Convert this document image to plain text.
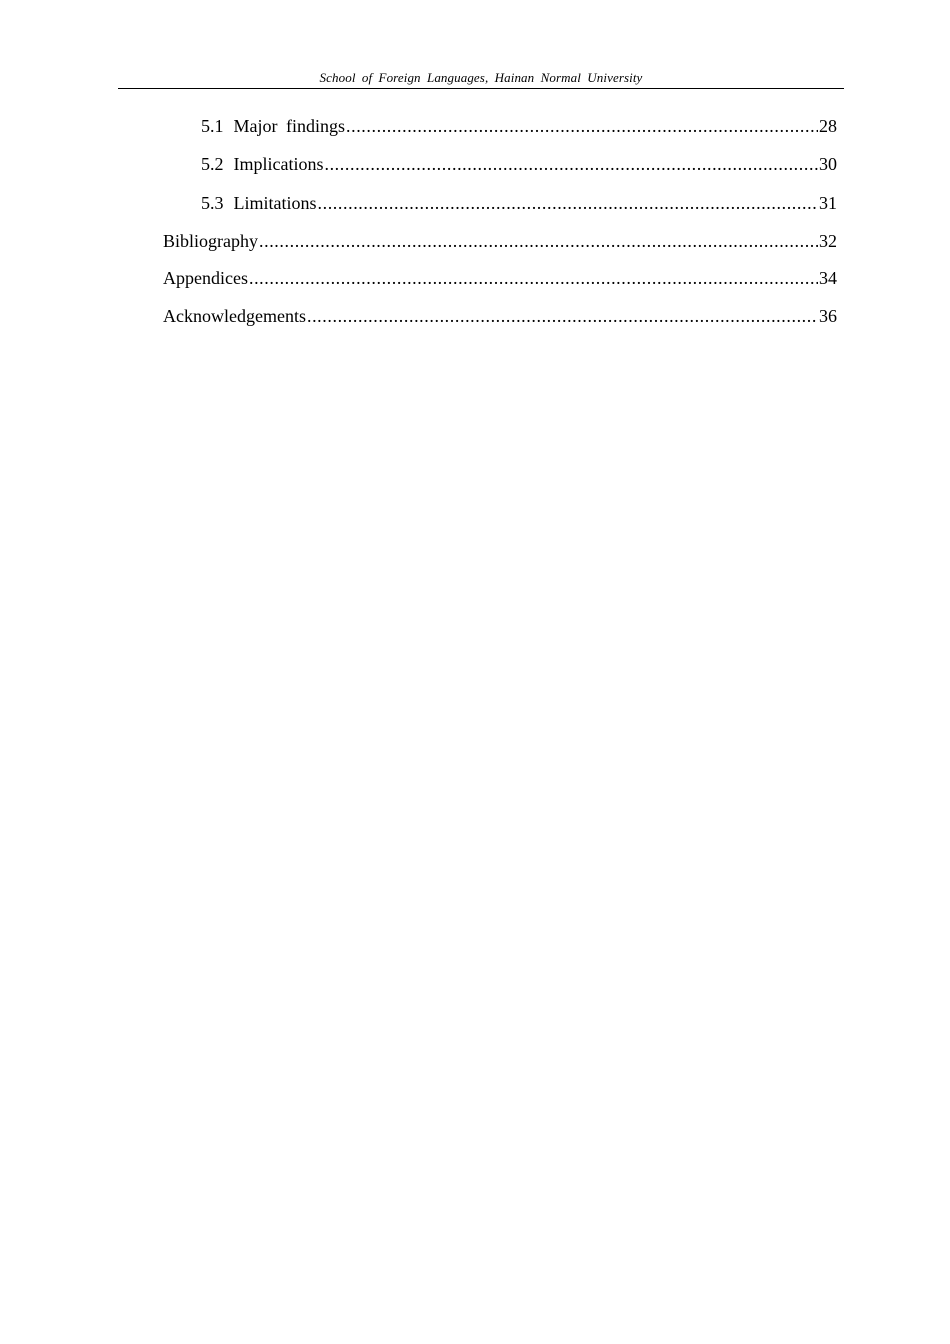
School of Foreign Languages, Hainan Normal University
5.1 Major findings .....	28
5.2 Implications .....	30
5.3 Limitations .....	31
Bibliography .....	32
Appendices .....	34
Acknowledgements .....	36
